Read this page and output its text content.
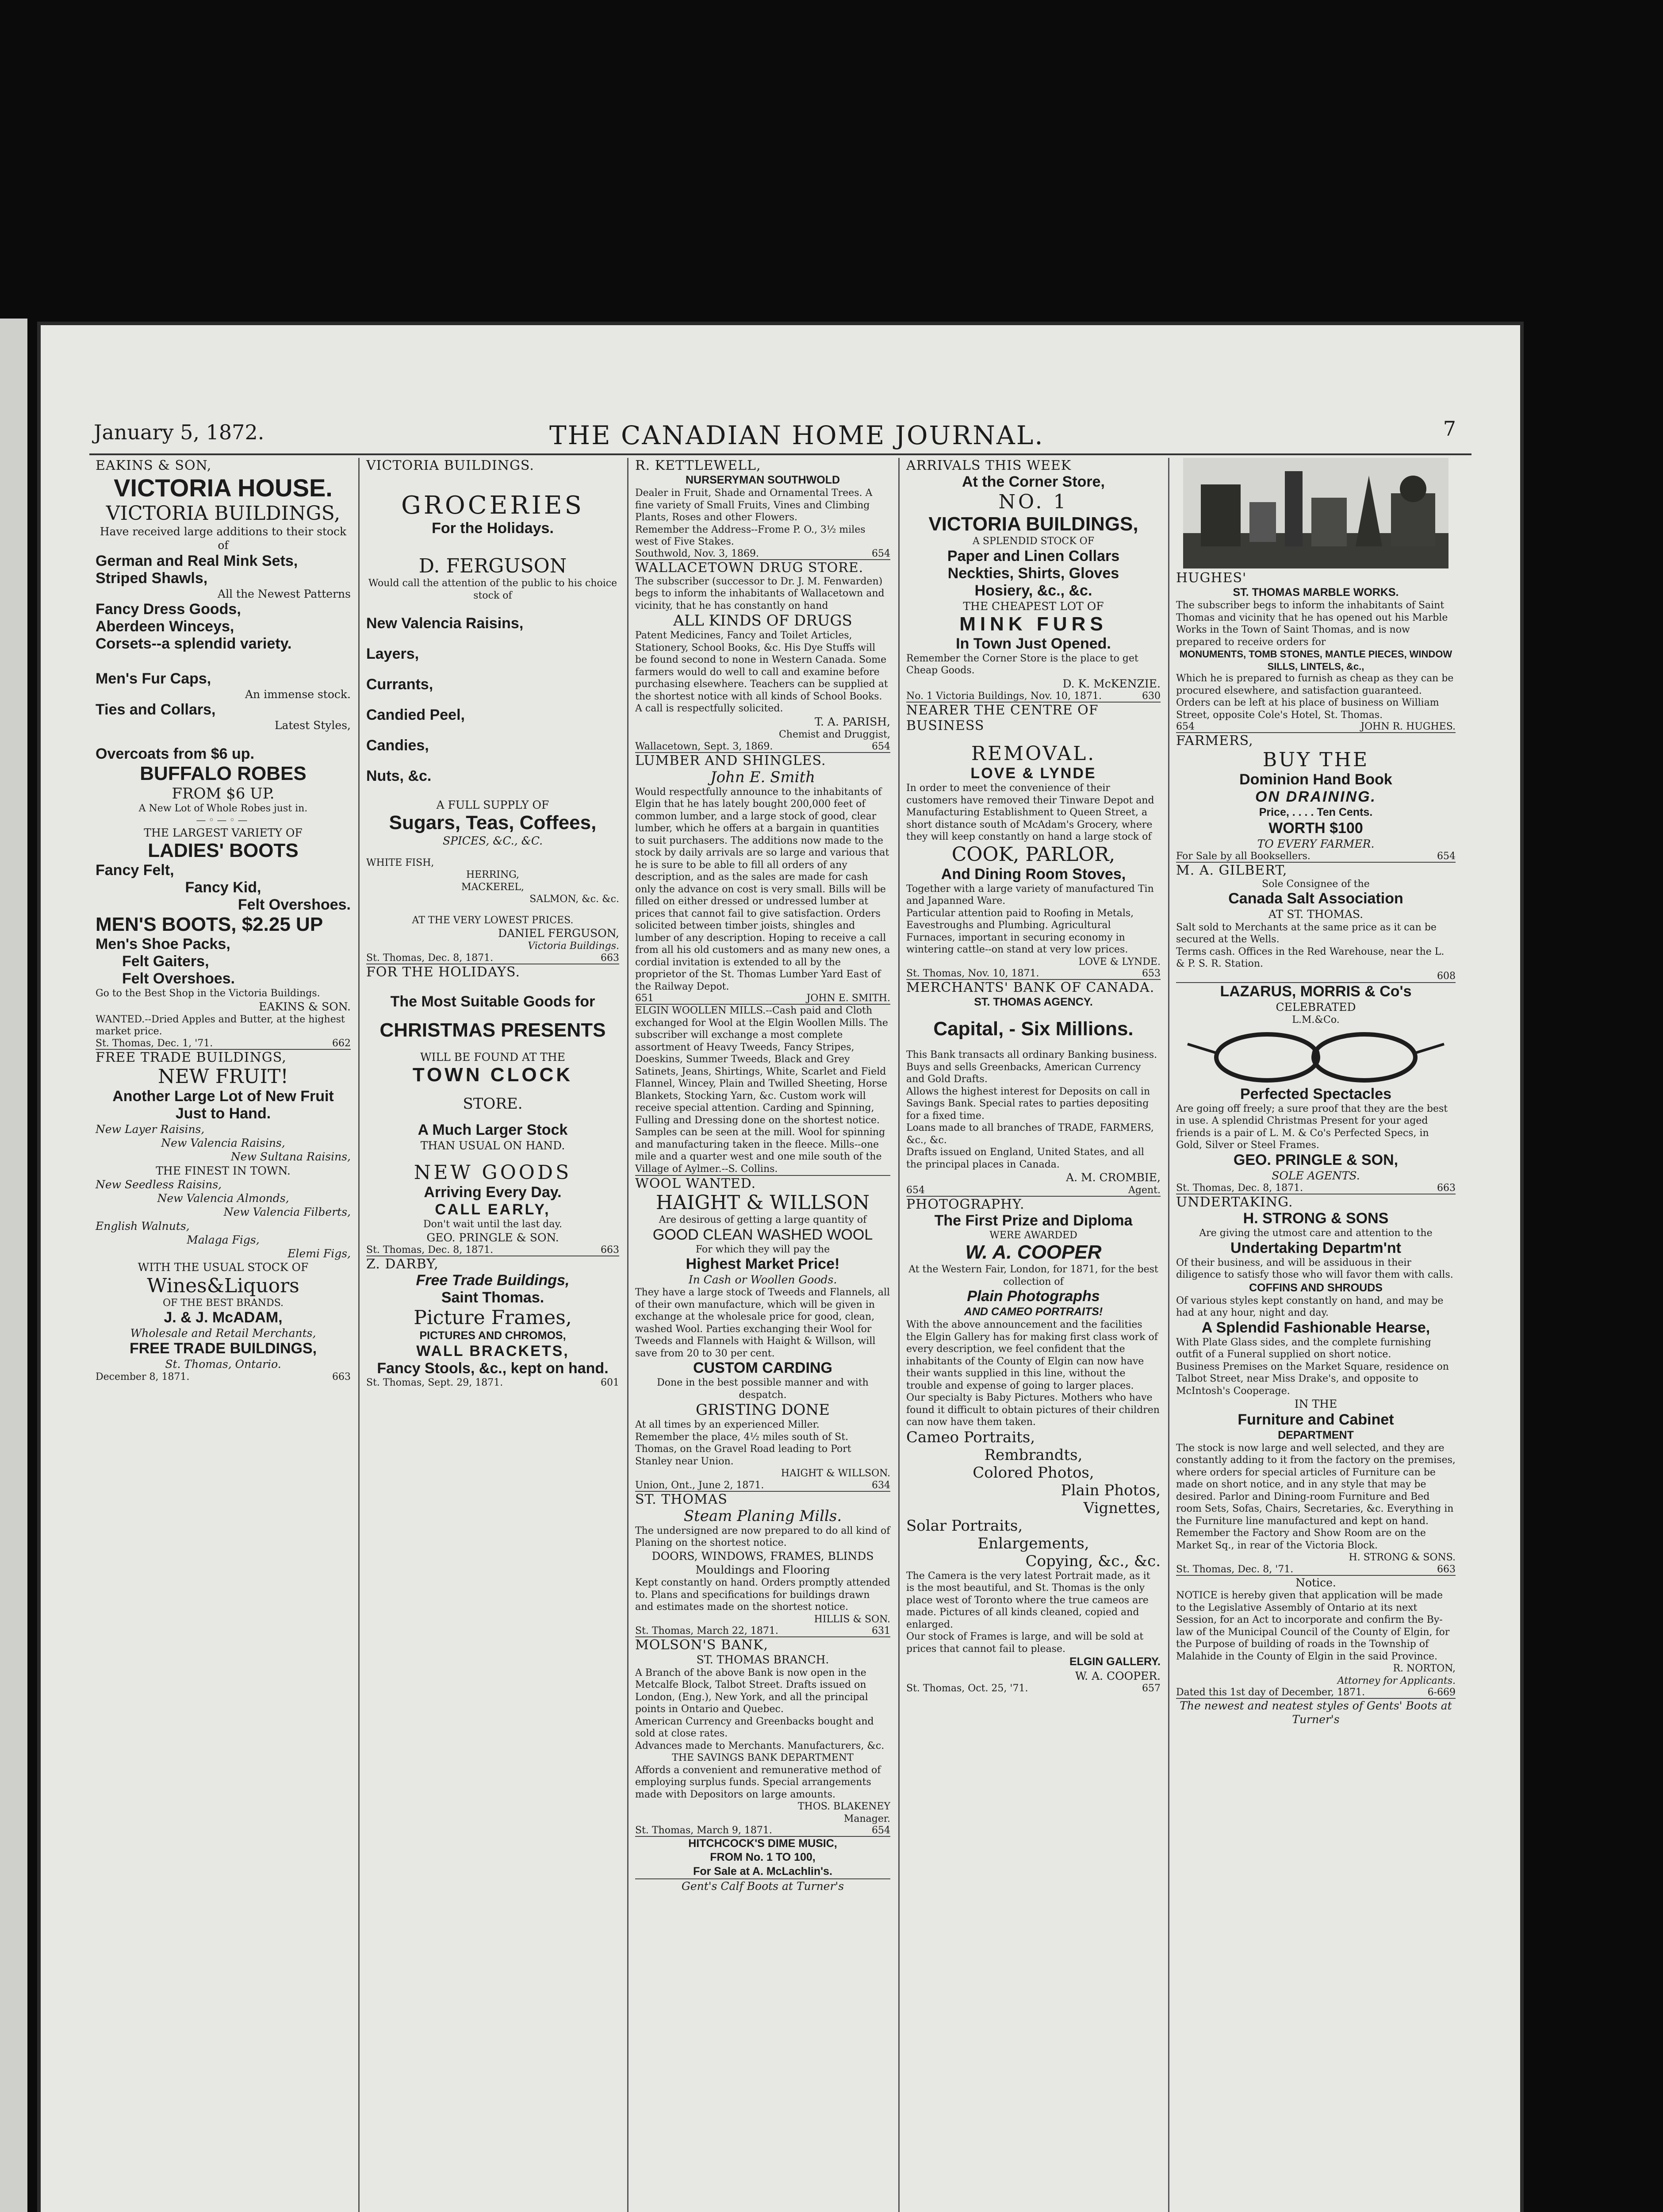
January 5, 1872.	THE CANADIAN HOME JOURNAL.	7

EAKINS & SON,

VICTORIA HOUSE.

VICTORIA BUILDINGS,

Have received large additions to their stock of

German and Real Mink Sets,

Striped Shawls,

All the Newest Patterns

Fancy Dress Goods,

Aberdeen Winceys,

Corsets--a splendid variety.

Men's Fur Caps,

An immense stock.

Ties and Collars,

Latest Styles,

Overcoats from $6 up.

BUFFALO ROBES

FROM $6 UP.

A New Lot of Whole Robes just in.

—◦—◦—

THE LARGEST VARIETY OF

LADIES' BOOTS

Fancy Felt,

Fancy Kid,

Felt Overshoes.

MEN'S BOOTS, $2.25 UP

Men's Shoe Packs,

Felt Gaiters,

Felt Overshoes.

Go to the Best Shop in the Victoria Buildings.

EAKINS & SON.

WANTED.--Dried Apples and Butter, at the highest market price.

St. Thomas, Dec. 1, '71.	662

FREE TRADE BUILDINGS,

NEW FRUIT!

Another Large Lot of New Fruit Just to Hand.

New Layer Raisins,

New Valencia Raisins,

New Sultana Raisins,

THE FINEST IN TOWN.

New Seedless Raisins,

New Valencia Almonds,

New Valencia Filberts,

English Walnuts,

Malaga Figs,

Elemi Figs,

WITH THE USUAL STOCK OF

Wines&Liquors

OF THE BEST BRANDS.

J. & J. McADAM,

Wholesale and Retail Merchants,

FREE TRADE BUILDINGS,

St. Thomas, Ontario.

December 8, 1871.	663

VICTORIA BUILDINGS.

GROCERIES

For the Holidays.

D. FERGUSON

Would call the attention of the public to his choice stock of

New Valencia Raisins,

Layers,

Currants,

Candied Peel,

Candies,

Nuts, &c.

A FULL SUPPLY OF

Sugars, Teas, Coffees,

SPICES, &C., &C.

WHITE FISH,

HERRING,

MACKEREL,

SALMON, &c. &c.

AT THE VERY LOWEST PRICES.

DANIEL FERGUSON,

Victoria Buildings.

St. Thomas, Dec. 8, 1871.	663

FOR THE HOLIDAYS.

The Most Suitable Goods for

CHRISTMAS PRESENTS

WILL BE FOUND AT THE

TOWN CLOCK

STORE.

A Much Larger Stock

THAN USUAL ON HAND.

NEW GOODS

Arriving Every Day.

CALL EARLY,

Don't wait until the last day.

GEO. PRINGLE & SON.

St. Thomas, Dec. 8, 1871.	663

Z. DARBY,

Free Trade Buildings,

Saint Thomas.

Picture Frames,

PICTURES AND CHROMOS,

WALL BRACKETS,

Fancy Stools, &c., kept on hand.

St. Thomas, Sept. 29, 1871.	601

R. KETTLEWELL,

NURSERYMAN SOUTHWOLD

Dealer in Fruit, Shade and Ornamental Trees. A fine variety of Small Fruits, Vines and Climbing Plants, Roses and other Flowers.

Remember the Address--Frome P. O., 3½ miles west of Five Stakes.

Southwold, Nov. 3, 1869.	654

WALLACETOWN DRUG STORE.

The subscriber (successor to Dr. J. M. Fenwarden) begs to inform the inhabitants of Wallacetown and vicinity, that he has constantly on hand

ALL KINDS OF DRUGS

Patent Medicines, Fancy and Toilet Articles, Stationery, School Books, &c. His Dye Stuffs will be found second to none in Western Canada. Some farmers would do well to call and examine before purchasing elsewhere. Teachers can be supplied at the shortest notice with all kinds of School Books. A call is respectfully solicited.

T. A. PARISH,

Chemist and Druggist,

Wallacetown, Sept. 3, 1869.	654

LUMBER AND SHINGLES.

John E. Smith

Would respectfully announce to the inhabitants of Elgin that he has lately bought 200,000 feet of common lumber, and a large stock of good, clear lumber, which he offers at a bargain in quantities to suit purchasers. The additions now made to the stock by daily arrivals are so large and various that he is sure to be able to fill all orders of any description, and as the sales are made for cash only the advance on cost is very small. Bills will be filled on either dressed or undressed lumber at prices that cannot fail to give satisfaction. Orders solicited between timber joists, shingles and lumber of any description. Hoping to receive a call from all his old customers and as many new ones, a cordial invitation is extended to all by the proprietor of the St. Thomas Lumber Yard East of the Railway Depot.

651	JOHN E. SMITH.

ELGIN WOOLLEN MILLS.--Cash paid and Cloth exchanged for Wool at the Elgin Woollen Mills. The subscriber will exchange a most complete assortment of Heavy Tweeds, Fancy Stripes, Doeskins, Summer Tweeds, Black and Grey Satinets, Jeans, Shirtings, White, Scarlet and Field Flannel, Wincey, Plain and Twilled Sheeting, Horse Blankets, Stocking Yarn, &c. Custom work will receive special attention. Carding and Spinning, Fulling and Dressing done on the shortest notice. Samples can be seen at the mill. Wool for spinning and manufacturing taken in the fleece. Mills--one mile and a quarter west and one mile south of the Village of Aylmer.--S. Collins.

WOOL WANTED.

HAIGHT & WILLSON

Are desirous of getting a large quantity of

GOOD CLEAN WASHED WOOL

For which they will pay the

Highest Market Price!

In Cash or Woollen Goods.

They have a large stock of Tweeds and Flannels, all of their own manufacture, which will be given in exchange at the wholesale price for good, clean, washed Wool. Parties exchanging their Wool for Tweeds and Flannels with Haight & Willson, will save from 20 to 30 per cent.

CUSTOM CARDING

Done in the best possible manner and with despatch.

GRISTING DONE

At all times by an experienced Miller.

Remember the place, 4½ miles south of St. Thomas, on the Gravel Road leading to Port Stanley near Union.

HAIGHT & WILLSON.

Union, Ont., June 2, 1871.	634

ST. THOMAS

Steam Planing Mills.

The undersigned are now prepared to do all kind of Planing on the shortest notice.

DOORS, WINDOWS, FRAMES, BLINDS

Mouldings and Flooring

Kept constantly on hand. Orders promptly attended to. Plans and specifications for buildings drawn and estimates made on the shortest notice.

HILLIS & SON.

St. Thomas, March 22, 1871.	631

MOLSON'S BANK,

ST. THOMAS BRANCH.

A Branch of the above Bank is now open in the Metcalfe Block, Talbot Street. Drafts issued on London, (Eng.), New York, and all the principal points in Ontario and Quebec.

American Currency and Greenbacks bought and sold at close rates.

Advances made to Merchants. Manufacturers, &c.

THE SAVINGS BANK DEPARTMENT

Affords a convenient and remunerative method of employing surplus funds. Special arrangements made with Depositors on large amounts.

THOS. BLAKENEY

Manager.

St. Thomas, March 9, 1871.	654

HITCHCOCK'S DIME MUSIC,

FROM No. 1 TO 100,

For Sale at A. McLachlin's.

Gent's Calf Boots at Turner's

ARRIVALS THIS WEEK

At the Corner Store,

NO. 1

VICTORIA BUILDINGS,

A SPLENDID STOCK OF

Paper and Linen Collars

Neckties, Shirts, Gloves

Hosiery, &c., &c.

THE CHEAPEST LOT OF

MINK FURS

In Town Just Opened.

Remember the Corner Store is the place to get Cheap Goods.

D. K. McKENZIE.

No. 1 Victoria Buildings, Nov. 10, 1871.	630

NEARER THE CENTRE OF BUSINESS

REMOVAL.

LOVE & LYNDE

In order to meet the convenience of their customers have removed their Tinware Depot and Manufacturing Establishment to Queen Street, a short distance south of McAdam's Grocery, where they will keep constantly on hand a large stock of

COOK, PARLOR,

And Dining Room Stoves,

Together with a large variety of manufactured Tin and Japanned Ware.

Particular attention paid to Roofing in Metals, Eavestroughs and Plumbing. Agricultural Furnaces, important in securing economy in wintering cattle--on stand at very low prices.

LOVE & LYNDE.

St. Thomas, Nov. 10, 1871.	653

MERCHANTS' BANK OF CANADA.

ST. THOMAS AGENCY.

Capital, - Six Millions.

This Bank transacts all ordinary Banking business.

Buys and sells Greenbacks, American Currency and Gold Drafts.

Allows the highest interest for Deposits on call in Savings Bank. Special rates to parties depositing for a fixed time.

Loans made to all branches of TRADE, FARMERS, &c., &c.

Drafts issued on England, United States, and all the principal places in Canada.

A. M. CROMBIE,

654	Agent.

PHOTOGRAPHY.

The First Prize and Diploma

WERE AWARDED

W. A. COOPER

At the Western Fair, London, for 1871, for the best collection of

Plain Photographs

AND CAMEO PORTRAITS!

With the above announcement and the facilities the Elgin Gallery has for making first class work of every description, we feel confident that the inhabitants of the County of Elgin can now have their wants supplied in this line, without the trouble and expense of going to larger places.

Our specialty is Baby Pictures. Mothers who have found it difficult to obtain pictures of their children can now have them taken.

Cameo Portraits,

Rembrandts,

Colored Photos,

Plain Photos,

Vignettes,

Solar Portraits,

Enlargements,

Copying, &c., &c.

The Camera is the very latest Portrait made, as it is the most beautiful, and St. Thomas is the only place west of Toronto where the true cameos are made. Pictures of all kinds cleaned, copied and enlarged.

Our stock of Frames is large, and will be sold at prices that cannot fail to please.

ELGIN GALLERY.

W. A. COOPER.

St. Thomas, Oct. 25, '71.	657

HUGHES'

ST. THOMAS MARBLE WORKS.

The subscriber begs to inform the inhabitants of Saint Thomas and vicinity that he has opened out his Marble Works in the Town of Saint Thomas, and is now prepared to receive orders for

MONUMENTS, TOMB STONES, MANTLE PIECES, WINDOW SILLS, LINTELS, &c.,

Which he is prepared to furnish as cheap as they can be procured elsewhere, and satisfaction guaranteed. Orders can be left at his place of business on William Street, opposite Cole's Hotel, St. Thomas.

654	JOHN R. HUGHES.

FARMERS,

BUY THE

Dominion Hand Book

ON DRAINING.

Price, . . . . Ten Cents.

WORTH $100

TO EVERY FARMER.

For Sale by all Booksellers.	654

M. A. GILBERT,

Sole Consignee of the

Canada Salt Association

AT ST. THOMAS.

Salt sold to Merchants at the same price as it can be secured at the Wells.

Terms cash. Offices in the Red Warehouse, near the L. & P. S. R. Station.

608

LAZARUS, MORRIS & Co's

CELEBRATED

L.M.&Co.

Perfected Spectacles

Are going off freely; a sure proof that they are the best in use. A splendid Christmas Present for your aged friends is a pair of L. M. & Co's Perfected Specs, in Gold, Silver or Steel Frames.

GEO. PRINGLE & SON,

SOLE AGENTS.

St. Thomas, Dec. 8, 1871.	663

UNDERTAKING.

H. STRONG & SONS

Are giving the utmost care and attention to the

Undertaking Departm'nt

Of their business, and will be assiduous in their diligence to satisfy those who will favor them with calls.

COFFINS AND SHROUDS

Of various styles kept constantly on hand, and may be had at any hour, night and day.

A Splendid Fashionable Hearse,

With Plate Glass sides, and the complete furnishing outfit of a Funeral supplied on short notice.

Business Premises on the Market Square, residence on Talbot Street, near Miss Drake's, and opposite to McIntosh's Cooperage.

IN THE

Furniture and Cabinet

DEPARTMENT

The stock is now large and well selected, and they are constantly adding to it from the factory on the premises, where orders for special articles of Furniture can be made on short notice, and in any style that may be desired. Parlor and Dining-room Furniture and Bed room Sets, Sofas, Chairs, Secretaries, &c. Everything in the Furniture line manufactured and kept on hand.

Remember the Factory and Show Room are on the Market Sq., in rear of the Victoria Block.

H. STRONG & SONS.

St. Thomas, Dec. 8, '71.	663

Notice.

NOTICE is hereby given that application will be made to the Legislative Assembly of Ontario at its next Session, for an Act to incorporate and confirm the By-law of the Municipal Council of the County of Elgin, for the Purpose of building of roads in the Township of Malahide in the County of Elgin in the said Province.

R. NORTON,

Attorney for Applicants.

Dated this 1st day of December, 1871.	6-669

The newest and neatest styles of Gents' Boots at Turner's
